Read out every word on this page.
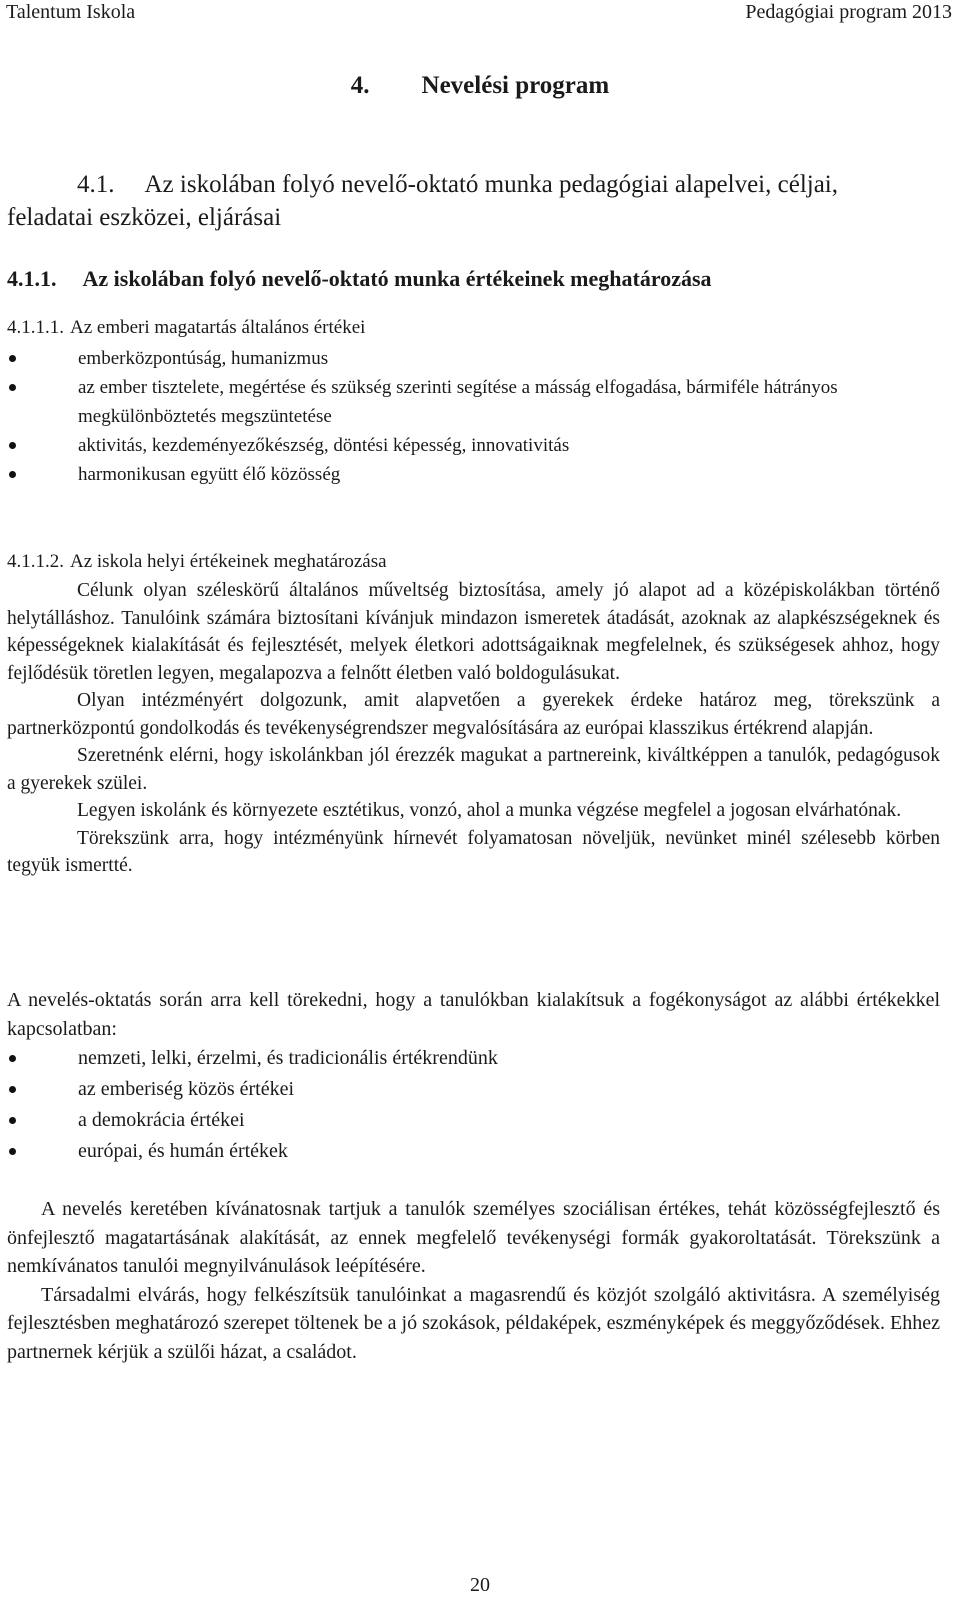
Talentum Iskola	Pedagógiai program 2013
4. Nevelési program
4.1. Az iskolában folyó nevelő-oktató munka pedagógiai alapelvei, céljai,
feladatai eszközei, eljárásai
4.1.1. Az iskolában folyó nevelő-oktató munka értékeinek meghatározása
4.1.1.1. Az emberi magatartás általános értékei
emberközpontúság, humanizmus
az ember tisztelete, megértése és szükség szerinti segítése a másság elfogadása, bármiféle hátrányos megkülönböztetés megszüntetése
aktivitás, kezdeményezőkészség, döntési képesség, innovativitás
harmonikusan együtt élő közösség
4.1.1.2. Az iskola helyi értékeinek meghatározása

Célunk olyan széleskörű általános műveltség biztosítása, amely jó alapot ad a középiskolákban történő helytálláshoz. Tanulóink számára biztosítani kívánjuk mindazon ismeretek átadását, azoknak az alapkészségeknek és képességeknek kialakítását és fejlesztését, melyek életkori adottságaiknak megfelelnek, és szükségesek ahhoz, hogy fejlődésük töretlen legyen, megalapozva a felnőtt életben való boldogulásukat.

Olyan intézményért dolgozunk, amit alapvetően a gyerekek érdeke határoz meg, törekszünk a partnerközpontú gondolkodás és tevékenységrendszer megvalósítására az európai klasszikus értékrend alapján.

Szeretnénk elérni, hogy iskolánkban jól érezzék magukat a partnereink, kiváltképpen a tanulók, pedagógusok a gyerekek szülei.

Legyen iskolánk és környezete esztétikus, vonzó, ahol a munka végzése megfelel a jogosan elvárhatónak.

Törekszünk arra, hogy intézményünk hírnevét folyamatosan növeljük, nevünket minél szélesebb körben tegyük ismertté.

A nevelés-oktatás során arra kell törekedni, hogy a tanulókban kialakítsuk a fogékonyságot az alábbi értékekkel kapcsolatban:

nemzeti, lelki, érzelmi, és tradicionális értékrendünk
az emberiség közös értékei
a demokrácia értékei
európai, és humán értékek

A nevelés keretében kívánatosnak tartjuk a tanulók személyes szociálisan értékes, tehát közösségfejlesztő és önfejlesztő magatartásának alakítását, az ennek megfelelő tevékenységi formák gyakoroltatását. Törekszünk a nemkívánatos tanulói megnyilvánulások leépítésére.

Társadalmi elvárás, hogy felkészítsük tanulóinkat a magasrendű és közjót szolgáló aktivitásra. A személyiség fejlesztésben meghatározó szerepet töltenek be a jó szokások, példaképek, eszményképek és meggyőződések. Ehhez partnernek kérjük a szülői házat, a családot.

20
